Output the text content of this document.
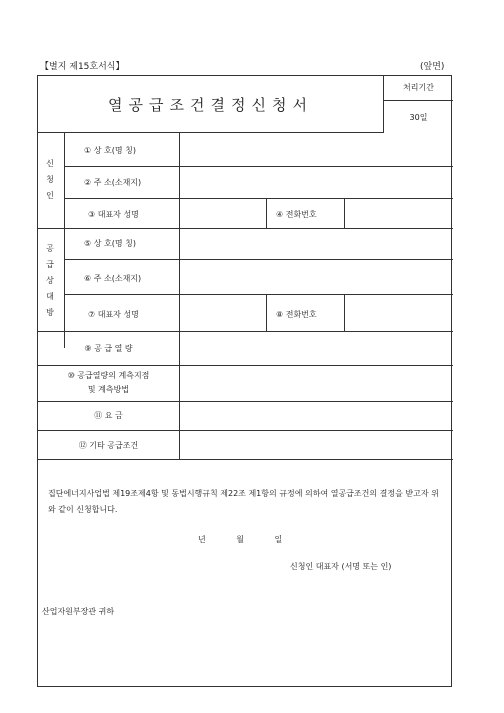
【별지 제15호서식】	(앞면)
열공급조건결정신청서
처리기간
30일
신청인
① 상 호(명 칭)
② 주 소(소재지)
③ 대표자 성명	④ 전화번호
공급상대방
⑤ 상 호(명 칭)
⑥ 주 소(소재지)
⑦ 대표자 성명	⑧ 전화번호
⑨ 공 급 열 량
⑩ 공급열량의 계측지점
및 계측방법
⑪ 요 금
⑫ 기타 공급조건
집단에너지사업법 제19조제4항 및 동법시행규칙 제22조 제1항의 규정에 의하여 열공급조건의 결정을 받고자 위와 같이 신청합니다.
년 월 일
신청인 대표자 (서명 또는 인)
산업자원부장관 귀하
